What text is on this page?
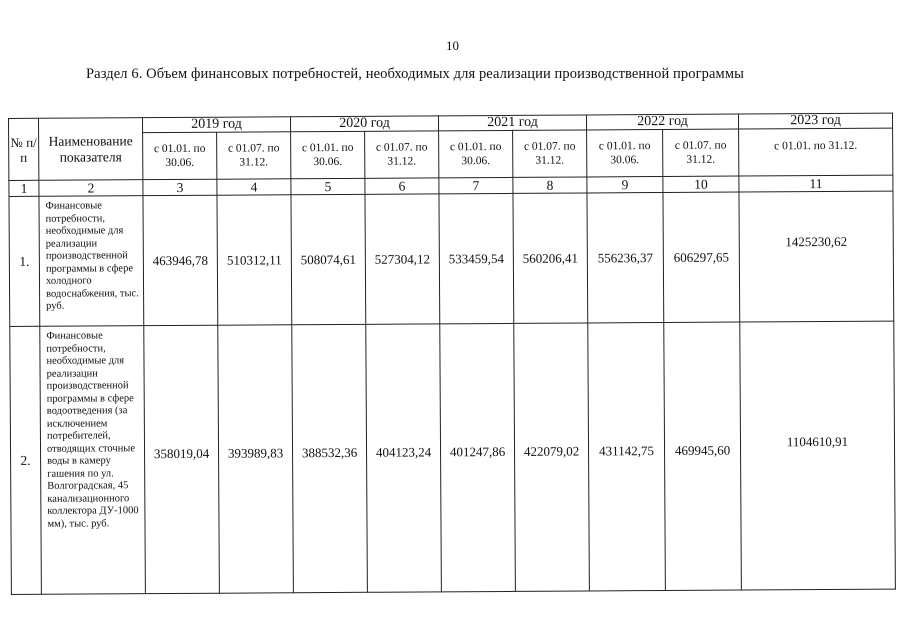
10
Раздел 6. Объем финансовых потребностей, необходимых для реализации производственной программы
№ п/п	Наименование показателя	2019 год		2020 год		2021 год		2022 год		2023 год
		с 01.01. по 30.06.	с 01.07. по 31.12.	с 01.01. по 30.06.	с 01.07. по 31.12.	с 01.01. по 30.06.	с 01.07. по 31.12.	с 01.01. по 30.06.	с 01.07. по 31.12.	с 01.01. по 31.12.
1	2	3	4	5	6	7	8	9	10	11
1.	Финансовые потребности, необходимые для реализации производственной программы в сфере холодного водоснабжения, тыс. руб.	463946,78	510312,11	508074,61	527304,12	533459,54	560206,41	556236,37	606297,65	1425230,62
2.	Финансовые потребности, необходимые для реализации производственной программы в сфере водоотведения (за исключением потребителей, отводящих сточные воды в камеру гашения по ул. Волгоградская, 45 канализационного коллектора ДУ-1000 мм), тыс. руб.	358019,04	393989,83	388532,36	404123,24	401247,86	422079,02	431142,75	469945,60	1104610,91
